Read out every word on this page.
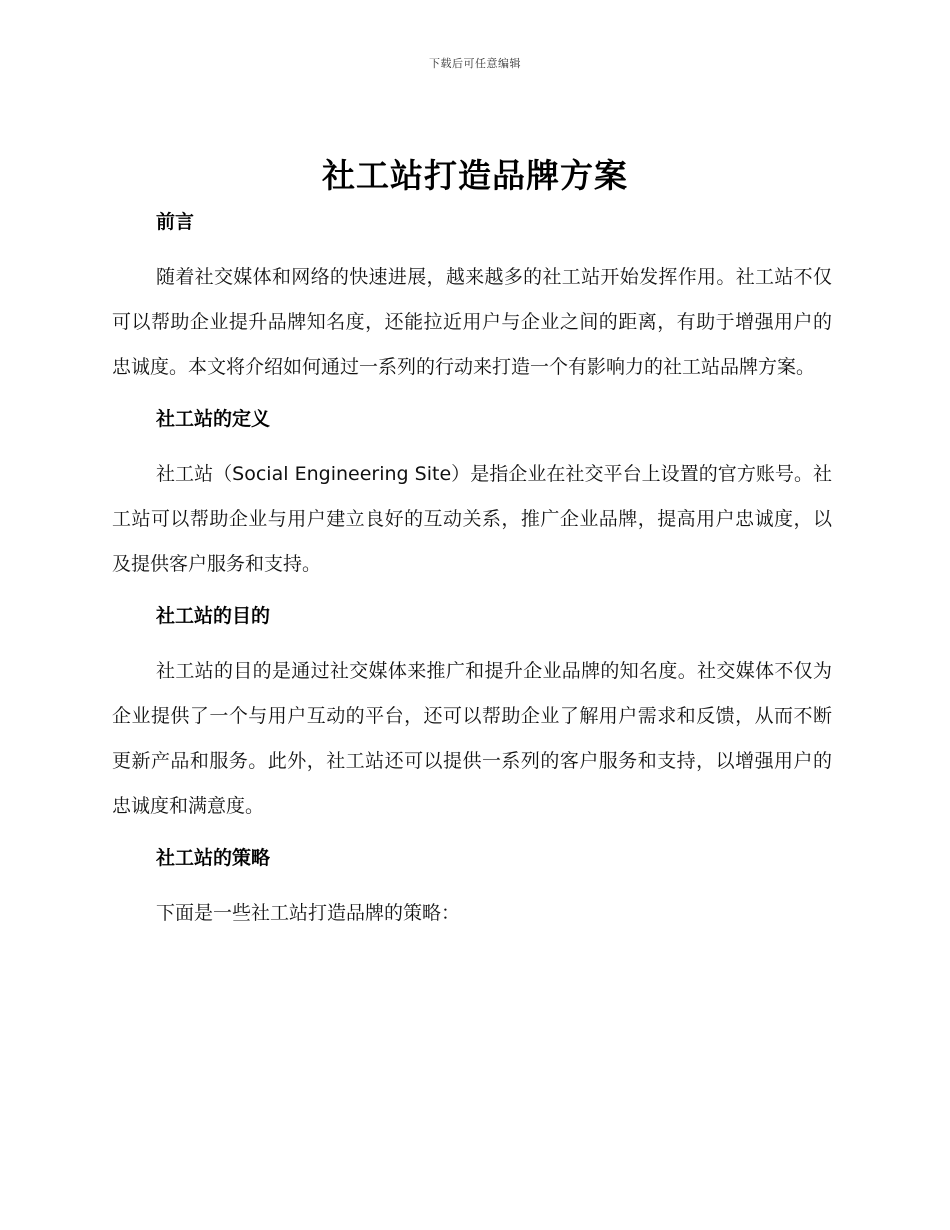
下载后可任意编辑
社工站打造品牌方案
前言

随着社交媒体和网络的快速进展，越来越多的社工站开始发挥作用。社工站不仅可以帮助企业提升品牌知名度，还能拉近用户与企业之间的距离，有助于增强用户的忠诚度。本文将介绍如何通过一系列的行动来打造一个有影响力的社工站品牌方案。

社工站的定义

社工站（Social Engineering Site）是指企业在社交平台上设置的官方账号。社工站可以帮助企业与用户建立良好的互动关系，推广企业品牌，提高用户忠诚度，以及提供客户服务和支持。

社工站的目的

社工站的目的是通过社交媒体来推广和提升企业品牌的知名度。社交媒体不仅为企业提供了一个与用户互动的平台，还可以帮助企业了解用户需求和反馈，从而不断更新产品和服务。此外，社工站还可以提供一系列的客户服务和支持，以增强用户的忠诚度和满意度。

社工站的策略

下面是一些社工站打造品牌的策略：
